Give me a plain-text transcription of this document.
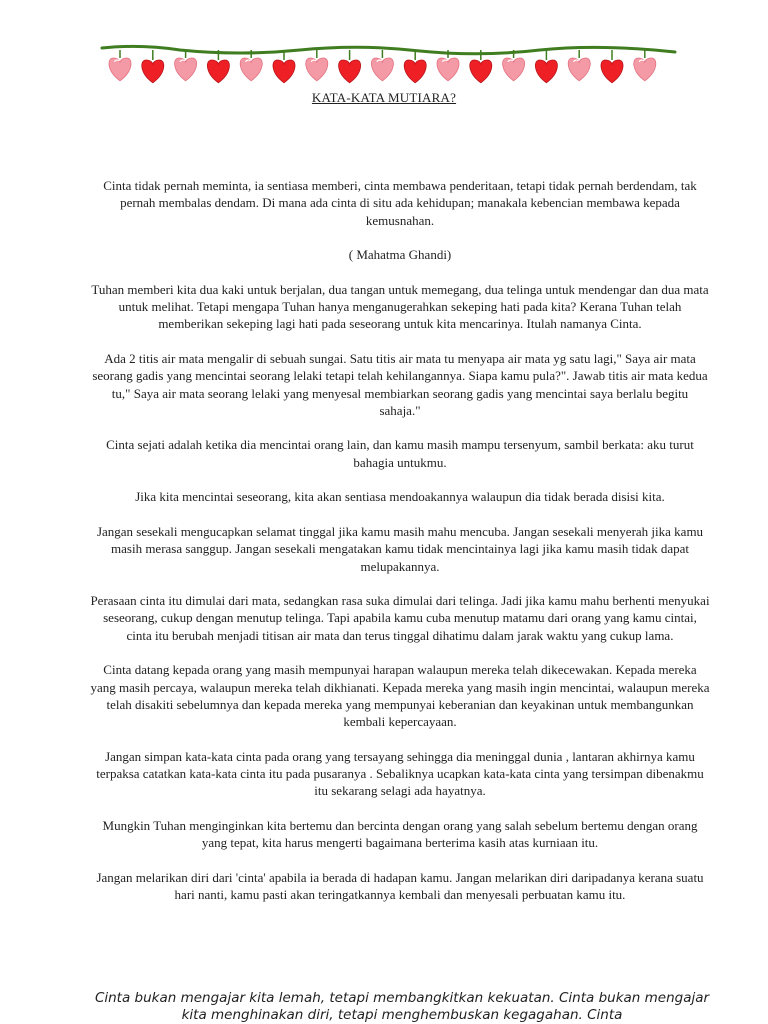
KATA-KATA MUTIARA?

Cinta tidak pernah meminta, ia sentiasa memberi, cinta membawa penderitaan, tetapi tidak pernah berdendam, tak pernah membalas dendam. Di mana ada cinta di situ ada kehidupan; manakala kebencian membawa kepada kemusnahan.

( Mahatma Ghandi)

Tuhan memberi kita dua kaki untuk berjalan, dua tangan untuk memegang, dua telinga untuk mendengar dan dua mata untuk melihat. Tetapi mengapa Tuhan hanya menganugerahkan sekeping hati pada kita? Kerana Tuhan telah memberikan sekeping lagi hati pada seseorang untuk kita mencarinya. Itulah namanya Cinta.

Ada 2 titis air mata mengalir di sebuah sungai. Satu titis air mata tu menyapa air mata yg satu lagi," Saya air mata seorang gadis yang mencintai seorang lelaki tetapi telah kehilangannya. Siapa kamu pula?". Jawab titis air mata kedua tu," Saya air mata seorang lelaki yang menyesal membiarkan seorang gadis yang mencintai saya berlalu begitu sahaja."

Cinta sejati adalah ketika dia mencintai orang lain, dan kamu masih mampu tersenyum, sambil berkata: aku turut bahagia untukmu.

Jika kita mencintai seseorang, kita akan sentiasa mendoakannya walaupun dia tidak berada disisi kita.

Jangan sesekali mengucapkan selamat tinggal jika kamu masih mahu mencuba. Jangan sesekali menyerah jika kamu masih merasa sanggup. Jangan sesekali mengatakan kamu tidak mencintainya lagi jika kamu masih tidak dapat melupakannya.

Perasaan cinta itu dimulai dari mata, sedangkan rasa suka dimulai dari telinga. Jadi jika kamu mahu berhenti menyukai seseorang, cukup dengan menutup telinga. Tapi apabila kamu cuba menutup matamu dari orang yang kamu cintai, cinta itu berubah menjadi titisan air mata dan terus tinggal dihatimu dalam jarak waktu yang cukup lama.

Cinta datang kepada orang yang masih mempunyai harapan walaupun mereka telah dikecewakan. Kepada mereka yang masih percaya, walaupun mereka telah dikhianati. Kepada mereka yang masih ingin mencintai, walaupun mereka telah disakiti sebelumnya dan kepada mereka yang mempunyai keberanian dan keyakinan untuk membangunkan kembali kepercayaan.

Jangan simpan kata-kata cinta pada orang yang tersayang sehingga dia meninggal dunia , lantaran akhirnya kamu terpaksa catatkan kata-kata cinta itu pada pusaranya . Sebaliknya ucapkan kata-kata cinta yang tersimpan dibenakmu itu sekarang selagi ada hayatnya.

Mungkin Tuhan menginginkan kita bertemu dan bercinta dengan orang yang salah sebelum bertemu dengan orang yang tepat, kita harus mengerti bagaimana berterima kasih atas kurniaan itu.

Jangan melarikan diri dari 'cinta' apabila ia berada di hadapan kamu. Jangan melarikan diri daripadanya kerana suatu hari nanti, kamu pasti akan teringatkannya kembali dan menyesali perbuatan kamu itu.

Cinta bukan mengajar kita lemah, tetapi membangkitkan kekuatan. Cinta bukan mengajar kita menghinakan diri, tetapi menghembuskan kegagahan. Cinta
